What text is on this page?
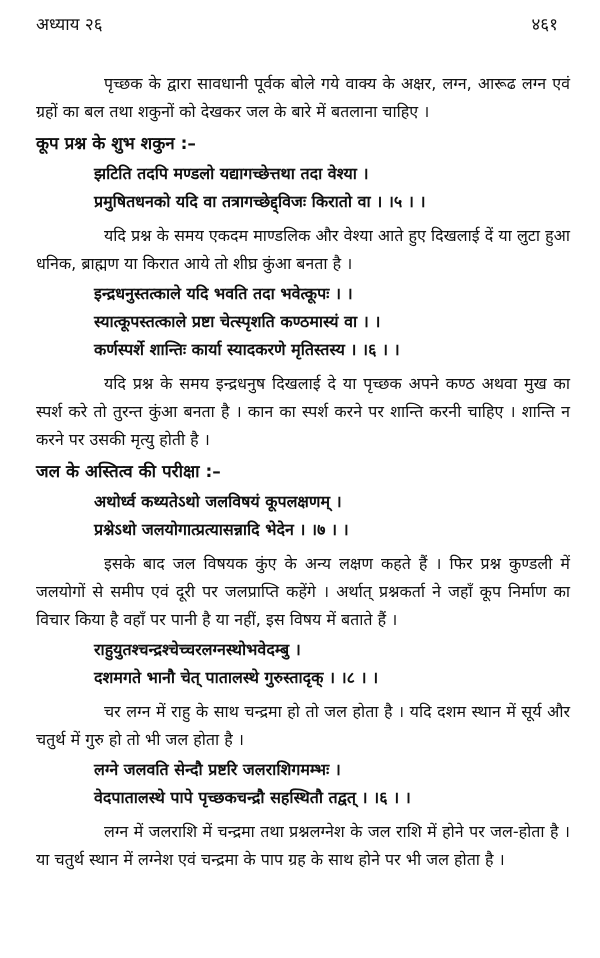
अध्याय २६	४६१

पृच्छक के द्वारा सावधानी पूर्वक बोले गये वाक्य के अक्षर, लग्न, आरूढ लग्न एवं ग्रहों का बल तथा शकुनों को देखकर जल के बारे में बतलाना चाहिए ।

कूप प्रश्न के शुभ शकुन :–
झटिति तदपि मण्डलो यद्यागच्छेत्तथा तदा वेश्या ।
प्रमुषितधनको यदि वा तत्रागच्छेद्द्विजः किरातो वा । ।५ । ।

यदि प्रश्न के समय एकदम माण्डलिक और वेश्या आते हुए दिखलाई दें या लुटा हुआ धनिक, ब्राह्मण या किरात आये तो शीघ्र कुंआ बनता है ।

इन्द्रधनुस्तत्काले यदि भवति तदा भवेत्कूपः । ।
स्यात्कूपस्तत्काले प्रष्टा चेत्स्पृशति कण्ठमास्यं वा । ।
कर्णस्पर्शे शान्तिः कार्या स्यादकरणे मृतिस्तस्य । ।६ । ।

यदि प्रश्न के समय इन्द्रधनुष दिखलाई दे या पृच्छक अपने कण्ठ अथवा मुख का स्पर्श करे तो तुरन्त कुंआ बनता है । कान का स्पर्श करने पर शान्ति करनी चाहिए । शान्ति न करने पर उसकी मृत्यु होती है ।

जल के अस्तित्व की परीक्षा :–
अथोर्ध्व कथ्यतेऽथो जलविषयं कूपलक्षणम् ।
प्रश्नेऽथो जलयोगात्प्रत्यासन्नादि भेदेन । ।७ । ।

इसके बाद जल विषयक कुंए के अन्य लक्षण कहते हैं । फिर प्रश्न कुण्डली में जलयोगों से समीप एवं दूरी पर जलप्राप्ति कहेंगे । अर्थात् प्रश्नकर्ता ने जहाँ कूप निर्माण का विचार किया है वहाँ पर पानी है या नहीं, इस विषय में बताते हैं ।

राहुयुतश्चन्द्रश्चेच्चरलग्नस्थोभवेदम्बु ।
दशमगते भानौ चेत् पातालस्थे गुरुस्तादृक् । ।८ । ।

चर लग्न में राहु के साथ चन्द्रमा हो तो जल होता है । यदि दशम स्थान में सूर्य और चतुर्थ में गुरु हो तो भी जल होता है ।

लग्ने जलवति सेन्दौ प्रष्टरि जलराशिगमम्भः ।
वेदपातालस्थे पापे पृच्छकचन्द्रौ सहस्थितौ तद्वत् । ।६ । ।

लग्न में जलराशि में चन्द्रमा तथा प्रश्नलग्नेश के जल राशि में होने पर जल-होता है । या चतुर्थ स्थान में लग्नेश एवं चन्द्रमा के पाप ग्रह के साथ होने पर भी जल होता है ।
